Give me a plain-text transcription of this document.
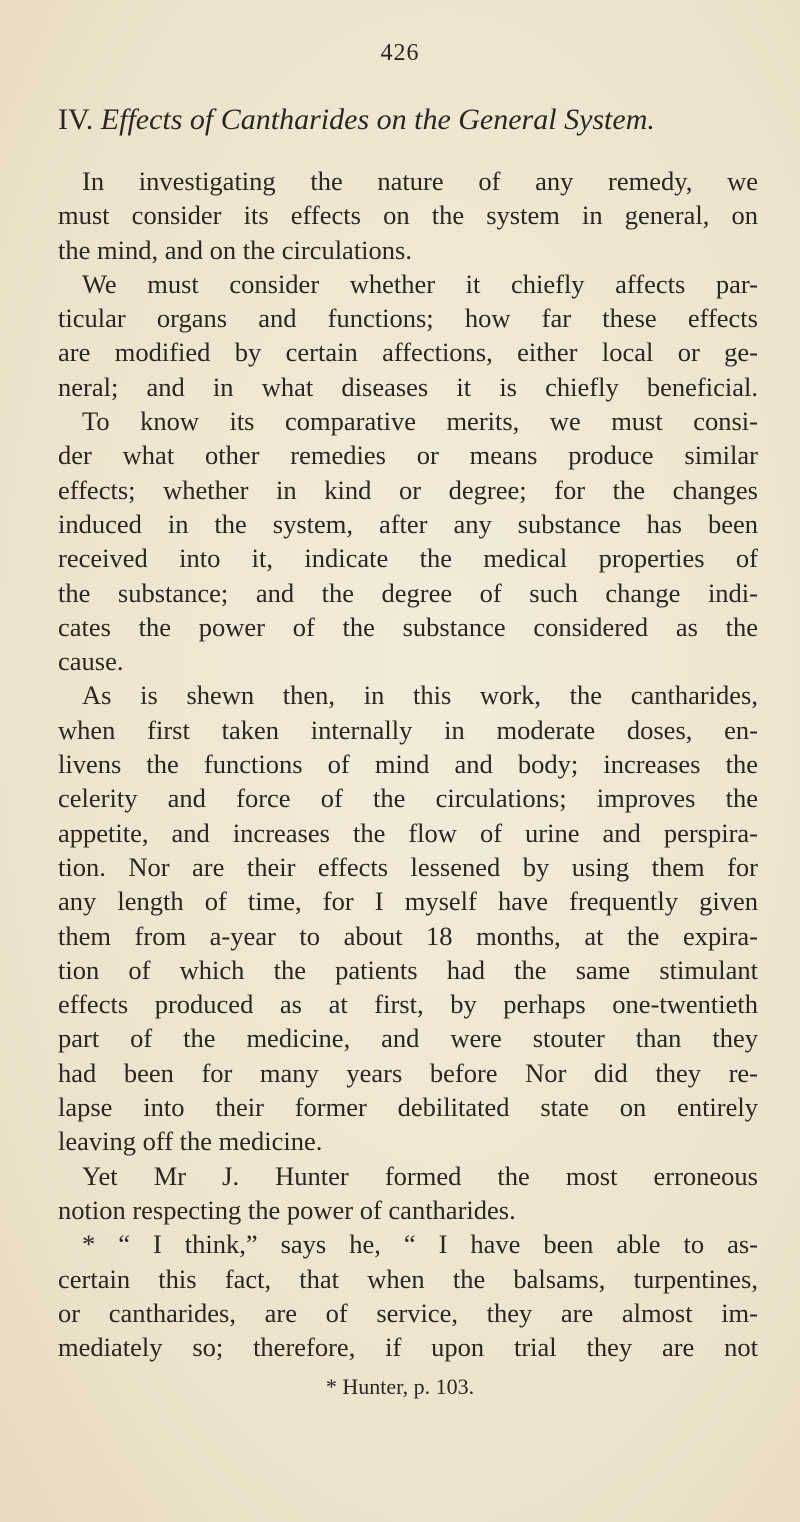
426
IV. Effects of Cantharides on the General System.
In investigating the nature of any remedy, we
must consider its effects on the system in general, on
the mind, and on the circulations.
We must consider whether it chiefly affects par-
ticular organs and functions; how far these effects
are modified by certain affections, either local or ge-
neral; and in what diseases it is chiefly beneficial.
To know its comparative merits, we must consi-
der what other remedies or means produce similar
effects; whether in kind or degree; for the changes
induced in the system, after any substance has been
received into it, indicate the medical properties of
the substance; and the degree of such change indi-
cates the power of the substance considered as the
cause.
As is shewn then, in this work, the cantharides,
when first taken internally in moderate doses, en-
livens the functions of mind and body; increases the
celerity and force of the circulations; improves the
appetite, and increases the flow of urine and perspira-
tion. Nor are their effects lessened by using them for
any length of time, for I myself have frequently given
them from a-year to about 18 months, at the expira-
tion of which the patients had the same stimulant
effects produced as at first, by perhaps one-twentieth
part of the medicine, and were stouter than they
had been for many years before Nor did they re-
lapse into their former debilitated state on entirely
leaving off the medicine.
Yet Mr J. Hunter formed the most erroneous
notion respecting the power of cantharides.
* “ I think,” says he, “ I have been able to as-
certain this fact, that when the balsams, turpentines,
or cantharides, are of service, they are almost im-
mediately so; therefore, if upon trial they are not
* Hunter, p. 103.
